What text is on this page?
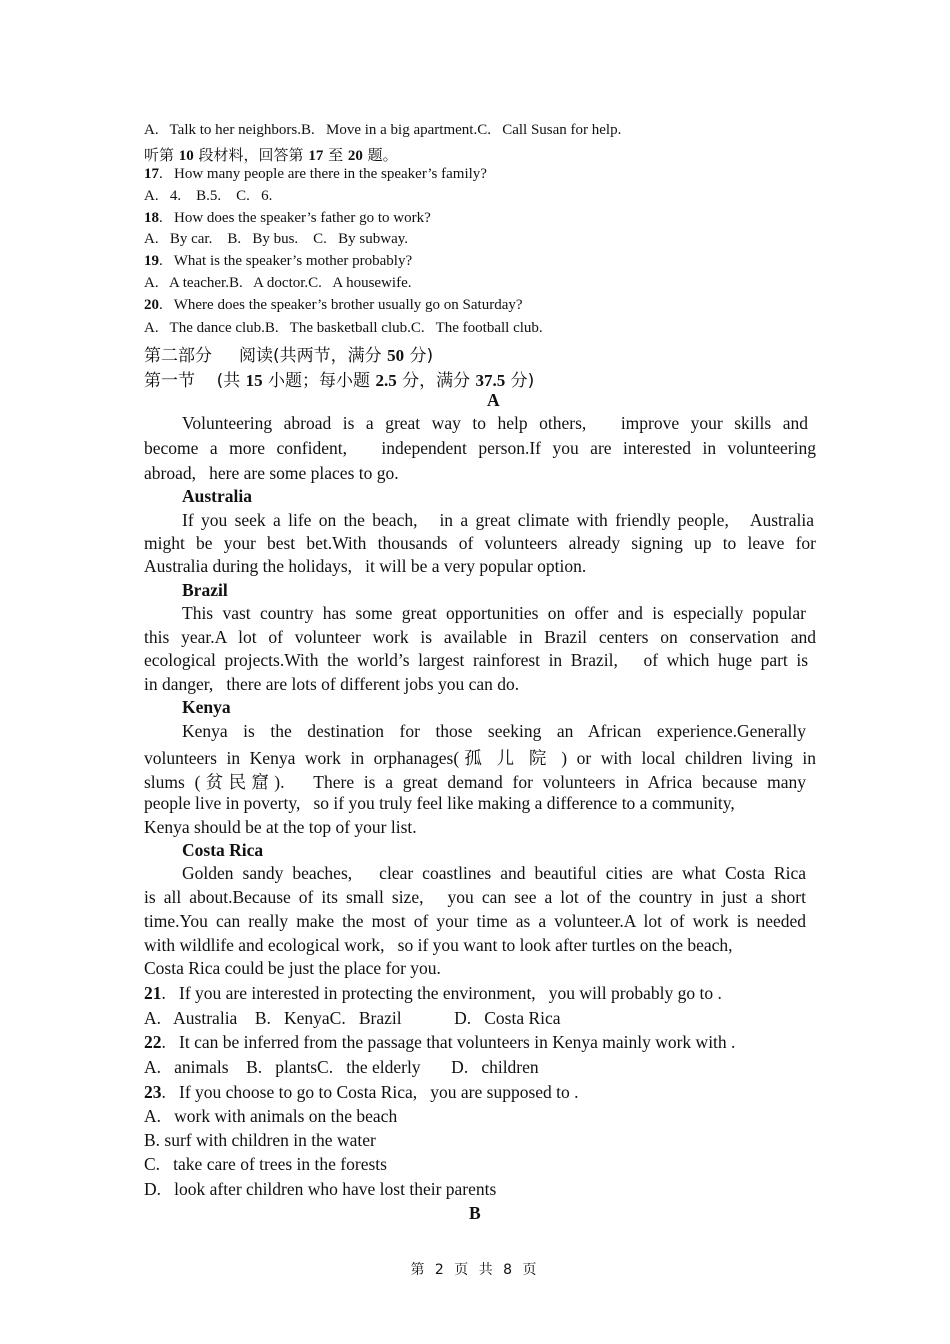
A.   Talk to her neighbors.B.   Move in a big apartment.C.   Call Susan for help.
听第 10 段材料，回答第 17 至 20 题。
17.   How many people are there in the speaker’s family?
A.   4.    B.5.    C.   6.
18.   How does the speaker’s father go to work?
A.   By car.    B.   By bus.    C.   By subway.
19.   What is the speaker’s mother probably?
A.   A teacher.B.   A doctor.C.   A housewife.
20.   Where does the speaker’s brother usually go on Saturday?
A.   The dance club.B.   The basketball club.C.   The football club.
第二部分     阅读(共两节，满分 50 分)
第一节    (共 15 小题；每小题 2.5 分，满分 37.5 分)
A
Volunteering abroad is a great way to help others,   improve your skills and
become a more confident,   independent person.If you are interested in volunteering
abroad,   here are some places to go.
Australia
If you seek a life on the beach,   in a great climate with friendly people,   Australia
might be your best bet.With thousands of volunteers already signing up to leave for
Australia during the holidays,   it will be a very popular option.
Brazil
This vast country has some great opportunities on offer and is especially popular
this year.A lot of volunteer work is available in Brazil centers on conservation and
ecological projects.With the world’s largest rainforest in Brazil,   of which huge part is
in danger,   there are lots of different jobs you can do.
Kenya
Kenya is the destination for those seeking an African experience.Generally
volunteers in Kenya work in orphanages(孤 儿 院 ) or with local children living in
slums (贫民窟).   There is a great demand for volunteers in Africa because many
people live in poverty,   so if you truly feel like making a difference to a community,
Kenya should be at the top of your list.
Costa Rica
Golden sandy beaches,   clear coastlines and beautiful cities are what Costa Rica
is all about.Because of its small size,   you can see a lot of the country in just a short
time.You can really make the most of your time as a volunteer.A lot of work is needed
with wildlife and ecological work,   so if you want to look after turtles on the beach,
Costa Rica could be just the place for you.
21.   If you are interested in protecting the environment,   you will probably go to .
A.   Australia    B.   KenyaC.   Brazil            D.   Costa Rica
22.   It can be inferred from the passage that volunteers in Kenya mainly work with .
A.   animals    B.   plantsC.   the elderly       D.   children
23.   If you choose to go to Costa Rica,   you are supposed to .
A.   work with animals on the beach
B. surf with children in the water
C.   take care of trees in the forests
D.   look after children who have lost their parents
B
第 2 页 共 8 页
